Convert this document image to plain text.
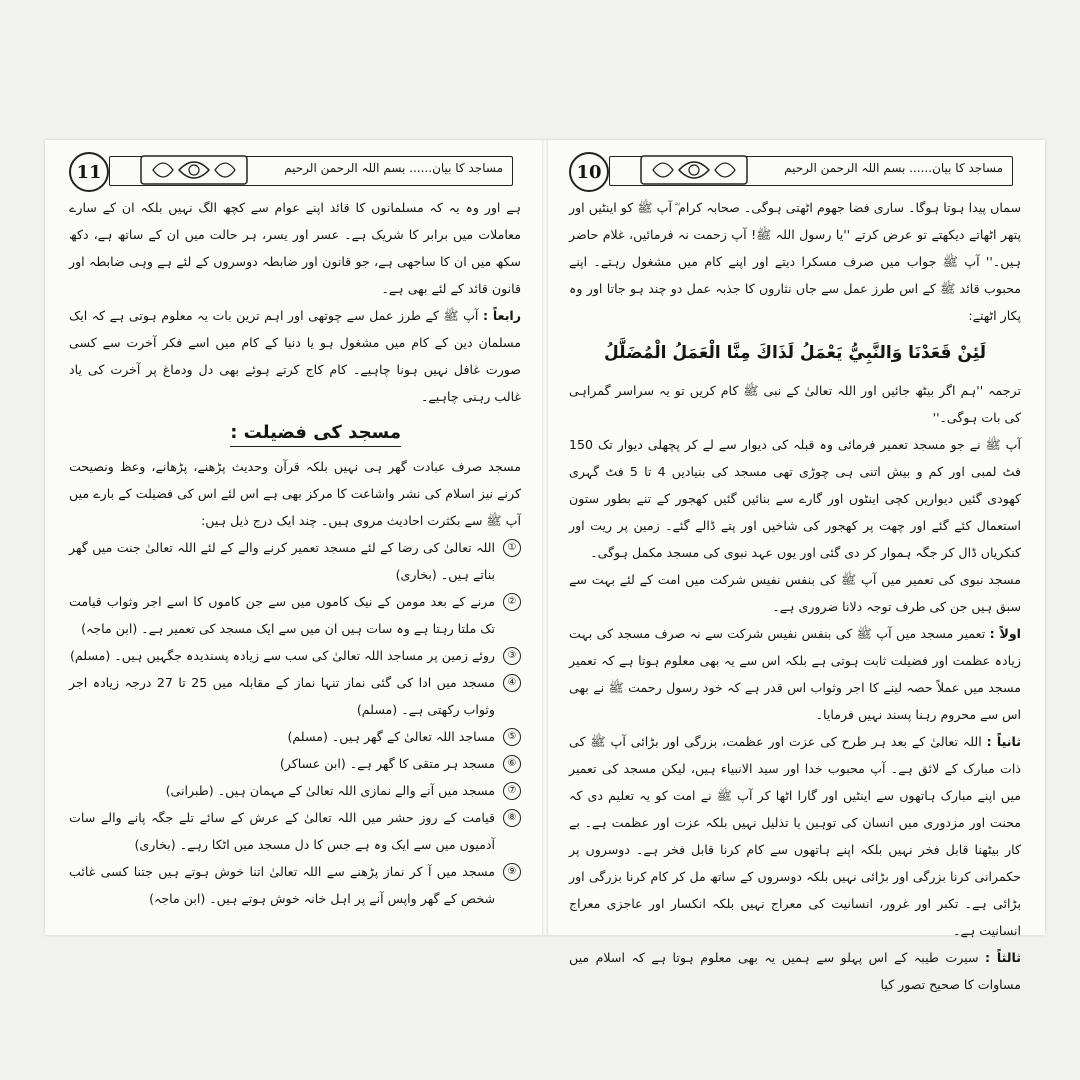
11	مساجد کا بیان...... بسم اللہ الرحمن الرحیم

ہے اور وہ یہ کہ مسلمانوں کا قائد اپنے عوام سے کچھ الگ نہیں بلکہ ان کے سارے معاملات میں برابر کا شریک ہے۔ عسر اور یسر، ہر حالت میں ان کے ساتھ ہے، دکھ سکھ میں ان کا ساجھی ہے، جو قانون اور ضابطہ دوسروں کے لئے ہے وہی ضابطہ اور قانون قائد کے لئے بھی ہے۔

رابعاً : آپ ﷺ کے طرز عمل سے چوتھی اور اہم ترین بات یہ معلوم ہوتی ہے کہ ایک مسلمان دین کے کام میں مشغول ہو یا دنیا کے کام میں اسے فکر آخرت سے کسی صورت غافل نہیں ہونا چاہیے۔ کام کاج کرتے ہوئے بھی دل ودماغ پر آخرت کی یاد غالب رہنی چاہیے۔

مسجد کی فضیلت :

مسجد صرف عبادت گھر ہی نہیں بلکہ قرآن وحدیث پڑھنے، پڑھانے، وعظ ونصیحت کرنے نیز اسلام کی نشر واشاعت کا مرکز بھی ہے اس لئے اس کی فضیلت کے بارے میں آپ ﷺ سے بکثرت احادیث مروی ہیں۔ چند ایک درج ذیل ہیں:

①
اللہ تعالیٰ کی رضا کے لئے مسجد تعمیر کرنے والے کے لئے اللہ تعالیٰ جنت میں گھر بناتے ہیں۔ (بخاری)
②
مرنے کے بعد مومن کے نیک کاموں میں سے جن کاموں کا اسے اجر وثواب قیامت تک ملتا رہتا ہے وہ سات ہیں ان میں سے ایک مسجد کی تعمیر ہے۔ (ابن ماجہ)
③
روئے زمین پر مساجد اللہ تعالیٰ کی سب سے زیادہ پسندیدہ جگہیں ہیں۔ (مسلم)
④
مسجد میں ادا کی گئی نماز تنہا نماز کے مقابلہ میں 25 تا 27 درجہ زیادہ اجر وثواب رکھتی ہے۔ (مسلم)
⑤
مساجد اللہ تعالیٰ کے گھر ہیں۔ (مسلم)
⑥
مسجد ہر متقی کا گھر ہے۔ (ابن عساکر)
⑦
مسجد میں آنے والے نمازی اللہ تعالیٰ کے مہمان ہیں۔ (طبرانی)
⑧
قیامت کے روز حشر میں اللہ تعالیٰ کے عرش کے سائے تلے جگہ پانے والے سات آدمیوں میں سے ایک وہ ہے جس کا دل مسجد میں اٹکا رہے۔ (بخاری)
⑨
مسجد میں آ کر نماز پڑھنے سے اللہ تعالیٰ اتنا خوش ہوتے ہیں جتنا کسی غائب شخص کے گھر واپس آنے پر اہل خانہ خوش ہوتے ہیں۔ (ابن ماجہ)
10	مساجد کا بیان...... بسم اللہ الرحمن الرحیم

سماں پیدا ہوتا ہوگا۔ ساری فضا جھوم اٹھتی ہوگی۔ صحابہ کرام ؓ آپ ﷺ کو اینٹیں اور پتھر اٹھاتے دیکھتے تو عرض کرتے ''یا رسول اللہ ﷺ! آپ زحمت نہ فرمائیں، غلام حاضر ہیں۔'' آپ ﷺ جواب میں صرف مسکرا دیتے اور اپنے کام میں مشغول رہتے۔ اپنے محبوب قائد ﷺ کے اس طرز عمل سے جاں نثاروں کا جذبہ عمل دو چند ہو جاتا اور وہ پکار اٹھتے:

لَئِنْ قَعَدْنَا وَالنَّبِيُّ يَعْمَلُ لَذَاكَ مِنَّا الْعَمَلُ الْمُضَلَّلُ

ترجمہ ''ہم اگر بیٹھ جائیں اور اللہ تعالیٰ کے نبی ﷺ کام کریں تو یہ سراسر گمراہی کی بات ہوگی۔''

آپ ﷺ نے جو مسجد تعمیر فرمائی وہ قبلہ کی دیوار سے لے کر پچھلی دیوار تک 150 فٹ لمبی اور کم و بیش اتنی ہی چوڑی تھی مسجد کی بنیادیں 4 تا 5 فٹ گہری کھودی گئیں دیواریں کچی اینٹوں اور گارے سے بنائیں گئیں کھجور کے تنے بطور ستون استعمال کئے گئے اور چھت پر کھجور کی شاخیں اور پتے ڈالے گئے۔ زمین پر ریت اور کنکریاں ڈال کر جگہ ہموار کر دی گئی اور یوں عہد نبوی کی مسجد مکمل ہوگی۔

مسجد نبوی کی تعمیر میں آپ ﷺ کی بنفس نفیس شرکت میں امت کے لئے بہت سے سبق ہیں جن کی طرف توجہ دلانا ضروری ہے۔

اولاً : تعمیر مسجد میں آپ ﷺ کی بنفس نفیس شرکت سے نہ صرف مسجد کی بہت زیادہ عظمت اور فضیلت ثابت ہوتی ہے بلکہ اس سے یہ بھی معلوم ہوتا ہے کہ تعمیر مسجد میں عملاً حصہ لینے کا اجر وثواب اس قدر ہے کہ خود رسول رحمت ﷺ نے بھی اس سے محروم رہنا پسند نہیں فرمایا۔

ثانیاً : اللہ تعالیٰ کے بعد ہر طرح کی عزت اور عظمت، بزرگی اور بڑائی آپ ﷺ کی ذات مبارک کے لائق ہے۔ آپ محبوب خدا اور سید الانبیاء ہیں، لیکن مسجد کی تعمیر میں اپنے مبارک ہاتھوں سے اینٹیں اور گارا اٹھا کر آپ ﷺ نے امت کو یہ تعلیم دی کہ محنت اور مزدوری میں انسان کی توہین یا تذلیل نہیں بلکہ عزت اور عظمت ہے۔ بے کار بیٹھنا قابل فخر نہیں بلکہ اپنے ہاتھوں سے کام کرنا قابل فخر ہے۔ دوسروں پر حکمرانی کرنا بزرگی اور بڑائی نہیں بلکہ دوسروں کے ساتھ مل کر کام کرنا بزرگی اور بڑائی ہے۔ تکبر اور غرور، انسانیت کی معراج نہیں بلکہ انکسار اور عاجزی معراج انسانیت ہے۔

ثالثاً : سیرت طیبہ کے اس پہلو سے ہمیں یہ بھی معلوم ہوتا ہے کہ اسلام میں مساوات کا صحیح تصور کیا
